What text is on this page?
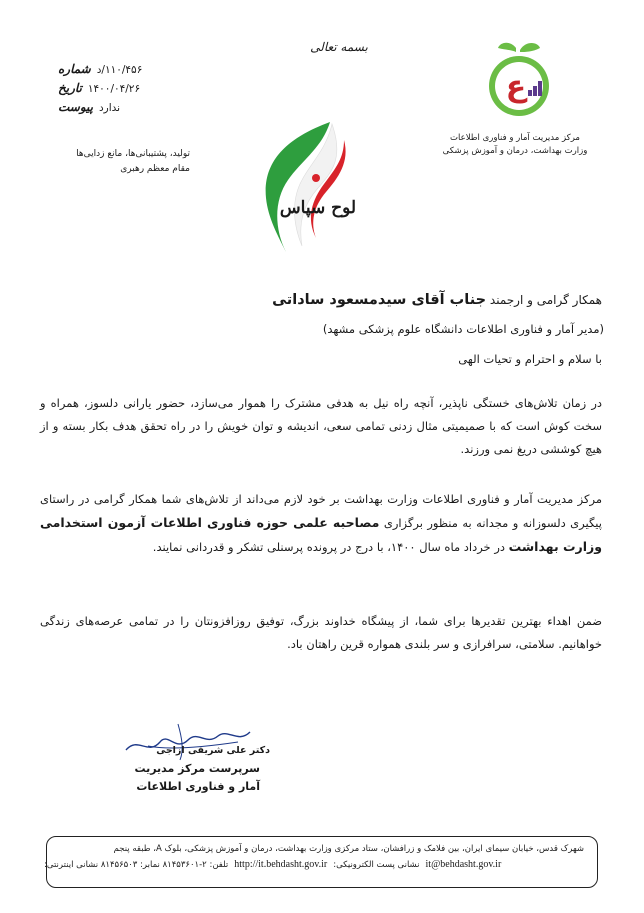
شماره ۱۱۰/۴۵۶/د
تاریخ ۱۴۰۰/۰۴/۲۶
پیوست ندارد
تولید، پشتیبانی‌ها، مانع زدایی‌ها
مقام معظم رهبری
بسمه تعالی
ع
مرکز مدیریت آمار و فناوری اطلاعات
وزارت بهداشت، درمان و آموزش پزشکی
لوح سپاس
همکار گرامی و ارجمند جناب آقای سیدمسعود ساداتی
(مدیر آمار و فناوری اطلاعات دانشگاه علوم پزشکی مشهد)
با سلام و احترام و تحیات الهی
در زمان تلاش‌های خستگی ناپذیر، آنچه راه نیل به هدفی مشترک را هموار می‌سازد، حضور یارانی دلسوز، همراه و سخت کوش است که با صمیمیتی مثال زدنی تمامی سعی، اندیشه و توان خویش را در راه تحقق هدف بکار بسته و از هیچ کوششی دریغ نمی ورزند.
مرکز مدیریت آمار و فناوری اطلاعات وزارت بهداشت بر خود لازم می‌داند از تلاش‌های شما همکار گرامی در راستای پیگیری دلسوزانه و مجدانه به منظور برگزاری مصاحبه علمی حوزه فناوری اطلاعات آزمون استخدامی وزارت بهداشت در خرداد ماه سال ۱۴۰۰، با درج در پرونده پرسنلی تشکر و قدردانی نمایند.
ضمن اهداء بهترین تقدیرها برای شما، از پیشگاه خداوند بزرگ، توفیق روزافزونتان را در تمامی عرصه‌های زندگی خواهانیم. سلامتی، سرافرازی و سر بلندی همواره قرین راهتان باد.
دکتر علی شریفی ازاجی
سرپرست مرکز مدیریت
آمار و فناوری اطلاعات
شهرک قدس، خیابان سیمای ایران، بین فلامک و زرافشان، ستاد مرکزی وزارت بهداشت، درمان و آموزش پزشکی، بلوک A، طبقه پنجم
تلفن: ۲-۸۱۴۵۳۶۰۱ نمابر: ۸۱۴۵۶۵۰۳ نشانی اینترنتی: http://it.behdasht.gov.ir نشانی پست الکترونیکی: it@behdasht.gov.ir
